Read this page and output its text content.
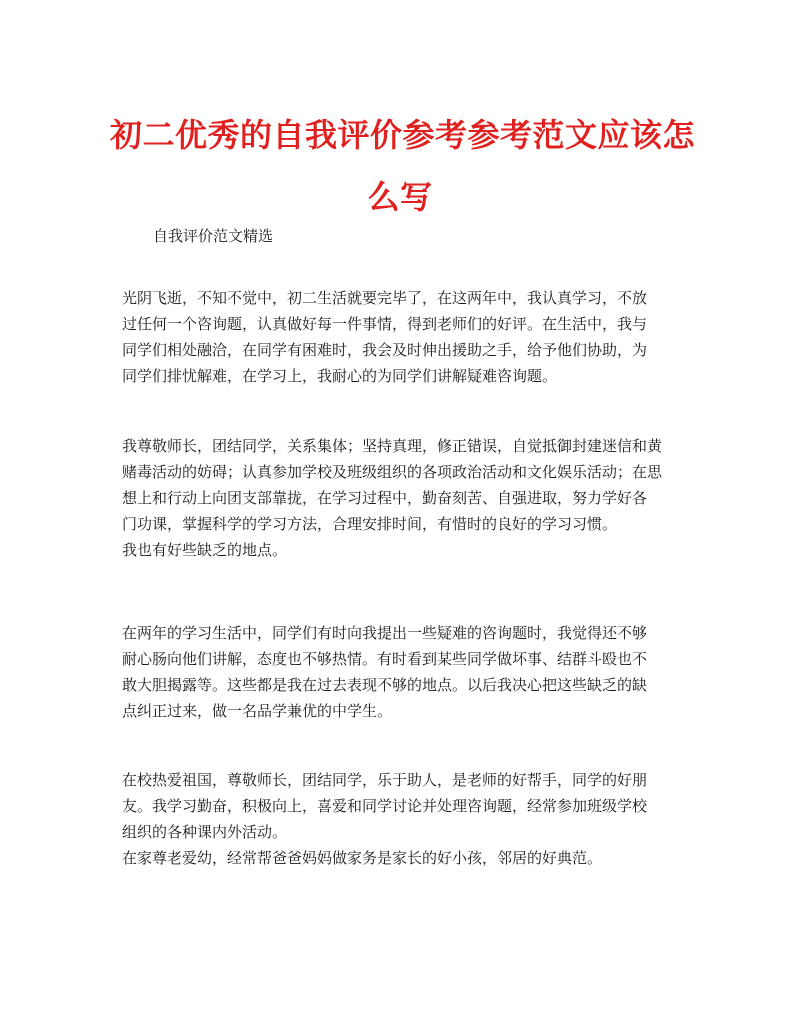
初二优秀的自我评价参考参考范文应该怎
么写

自我评价范文精选

光阴飞逝，不知不觉中，初二生活就要完毕了，在这两年中，我认真学习，不放
过任何一个咨询题，认真做好每一件事情，得到老师们的好评。在生活中，我与
同学们相处融洽，在同学有困难时，我会及时伸出援助之手，给予他们协助，为
同学们排忧解难，在学习上，我耐心的为同学们讲解疑难咨询题。

我尊敬师长，团结同学，关系集体；坚持真理，修正错误，自觉抵御封建迷信和黄
赌毒活动的妨碍；认真参加学校及班级组织的各项政治活动和文化娱乐活动；在思
想上和行动上向团支部靠拢，在学习过程中，勤奋刻苦、自强进取，努力学好各
门功课，掌握科学的学习方法，合理安排时间，有惜时的良好的学习习惯。
我也有好些缺乏的地点。

在两年的学习生活中，同学们有时向我提出一些疑难的咨询题时，我觉得还不够
耐心肠向他们讲解，态度也不够热情。有时看到某些同学做坏事、结群斗殴也不
敢大胆揭露等。这些都是我在过去表现不够的地点。以后我决心把这些缺乏的缺
点纠正过来，做一名品学兼优的中学生。

在校热爱祖国，尊敬师长，团结同学，乐于助人，是老师的好帮手，同学的好朋
友。我学习勤奋，积极向上，喜爱和同学讨论并处理咨询题，经常参加班级学校
组织的各种课内外活动。
在家尊老爱幼，经常帮爸爸妈妈做家务是家长的好小孩，邻居的好典范。
